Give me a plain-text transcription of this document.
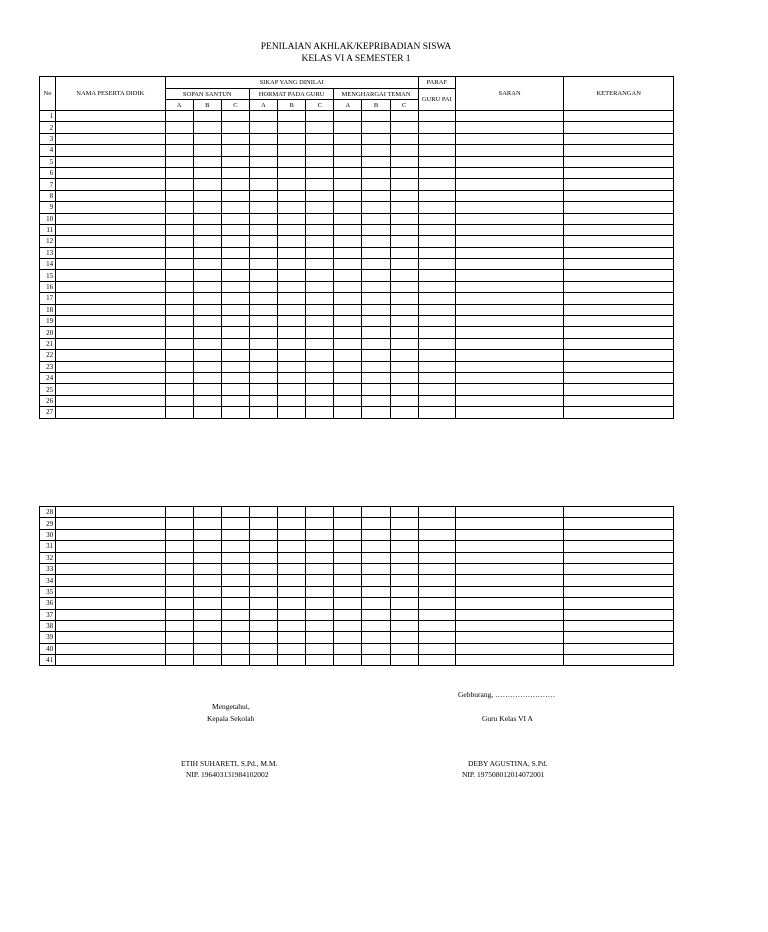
PENILAIAN AKHLAK/KEPRIBADIAN SISWA
KELAS VI A SEMESTER 1
No	NAMA PESERTA DIDIK	SIKAP YANG DINILAI									PARAF	SARAN	KETERANGAN
		SOPAN SANTUN			HORMAT PADA GURU			MENGHARGAI TEMAN			GURU PAI		
		A	B	C	A	B	C	A	B	C			
1													
2													
3													
4													
5													
6													
7													
8													
9													
10													
11													
12													
13													
14													
15													
16													
17													
18													
19													
20													
21													
22													
23													
24													
25													
26													
27													
28													
29													
30													
31													
32													
33													
34													
35													
36													
37													
38													
39													
40													
41													
Gebburang, ……………………
Mengetahui,
Kepala Sekolah	Guru Kelas VI A
ETIH SUHARETI, S.Pd., M.M.
NIP. 196403131984102002
DEBY AGUSTINA, S.Pd.
NIP. 197508012014072001
